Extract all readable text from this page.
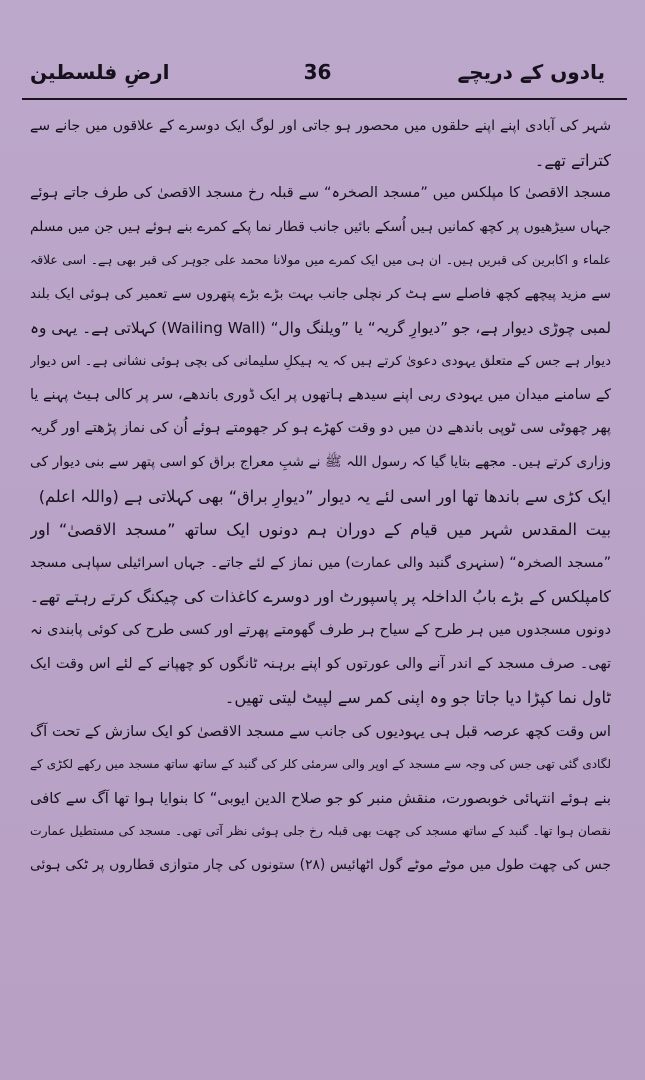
یادوں کے دریچے
36
ارضِ فلسطین
شہر کی آبادی اپنے اپنے حلقوں میں محصور ہو جاتی اور لوگ ایک دوسرے کے علاقوں میں جانے سے
کتراتے تھے۔
مسجد الاقصیٰ کا مپلکس میں ”مسجد الصخرہ“ سے قبلہ رخ مسجد الاقصیٰ کی طرف جاتے ہوئے
جہاں سیڑھیوں پر کچھ کمانیں ہیں اُسکے بائیں جانب قطار نما پکے کمرے بنے ہوئے ہیں جن میں مسلم
علماء و اکابرین کی قبریں ہیں۔ ان ہی میں ایک کمرے میں مولانا محمد علی جوہر کی قبر بھی ہے۔ اسی علاقہ
سے مزید پیچھے کچھ فاصلے سے ہٹ کر نچلی جانب بہت بڑے بڑے پتھروں سے تعمیر کی ہوئی ایک بلند
لمبی چوڑی دیوار ہے، جو ”دیوارِ گریہ“ یا ”ویلنگ وال“ (Wailing Wall) کہلاتی ہے۔ یہی وہ
دیوار ہے جس کے متعلق یہودی دعویٰ کرتے ہیں کہ یہ ہیکلِ سلیمانی کی بچی ہوئی نشانی ہے۔ اس دیوار
کے سامنے میدان میں یہودی ربی اپنے سیدھے ہاتھوں پر ایک ڈوری باندھے، سر پر کالی ہیٹ پہنے یا
پھر چھوٹی سی ٹوپی باندھے دن میں دو وقت کھڑے ہو کر جھومتے ہوئے اُن کی نماز پڑھتے اور گریہ
وزاری کرتے ہیں۔ مجھے بتایا گیا کہ رسول اللہ ﷺ نے شبِ معراج براق کو اسی پتھر سے بنی دیوار کی
ایک کڑی سے باندھا تھا اور اسی لئے یہ دیوار ”دیوارِ براق“ بھی کہلاتی ہے (واللہ اعلم)
بیت المقدس شہر میں قیام کے دوران ہم دونوں ایک ساتھ ”مسجد الاقصیٰ“ اور
”مسجد الصخرہ“ (سنہری گنبد والی عمارت) میں نماز کے لئے جاتے۔ جہاں اسرائیلی سپاہی مسجد
کامپلکس کے بڑے بابُ الداخلہ پر پاسپورٹ اور دوسرے کاغذات کی چیکنگ کرتے رہتے تھے۔
دونوں مسجدوں میں ہر طرح کے سیاح ہر طرف گھومتے پھرتے اور کسی طرح کی کوئی پابندی نہ
تھی۔ صرف مسجد کے اندر آنے والی عورتوں کو اپنے برہنہ ٹانگوں کو چھپانے کے لئے اس وقت ایک
ٹاول نما کپڑا دیا جاتا جو وہ اپنی کمر سے لپیٹ لیتی تھیں۔
اس وقت کچھ عرصہ قبل ہی یہودیوں کی جانب سے مسجد الاقصیٰ کو ایک سازش کے تحت آگ
لگادی گئی تھی جس کی وجہ سے مسجد کے اوپر والی سرمئی کلر کی گنبد کے ساتھ ساتھ مسجد میں رکھے لکڑی کے
بنے ہوئے انتہائی خوبصورت، منقش منبر کو جو صلاح الدین ایوبی“ کا بنوایا ہوا تھا آگ سے کافی
نقصان ہوا تھا۔ گنبد کے ساتھ مسجد کی چھت بھی قبلہ رخ جلی ہوئی نظر آتی تھی۔ مسجد کی مستطیل عمارت
جس کی چھت طول میں موٹے موٹے گول اٹھائیس (۲۸) ستونوں کی چار متوازی قطاروں پر ٹکی ہوئی
